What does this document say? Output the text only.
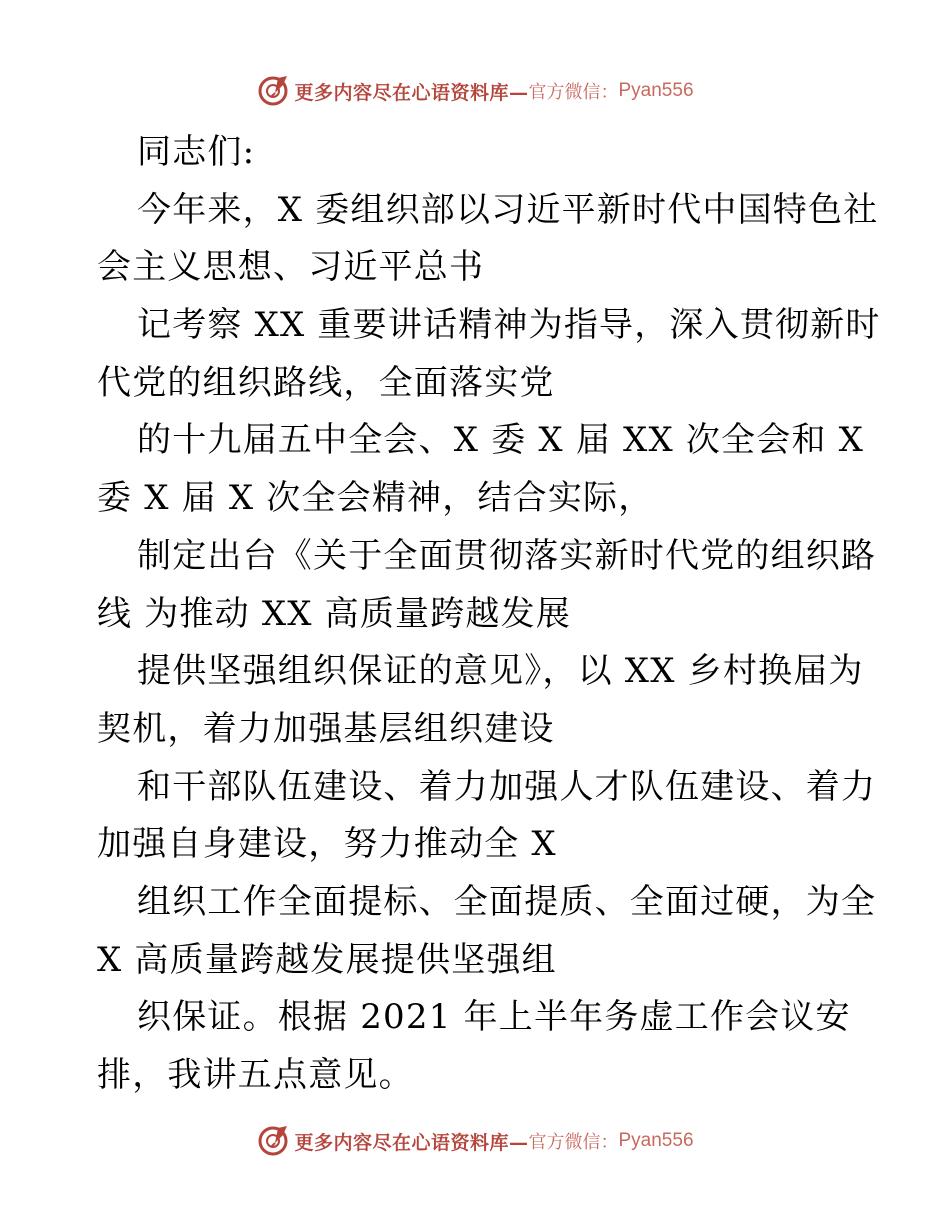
更多内容尽在心语资料库— 官方微信： Pyan556
同志们:
今年来，X 委组织部以习近平新时代中国特色社
会主义思想、习近平总书
记考察 XX 重要讲话精神为指导，深入贯彻新时
代党的组织路线，全面落实党
的十九届五中全会、X 委 X 届 XX 次全会和 X
委 X 届 X 次全会精神，结合实际，
制定出台《关于全面贯彻落实新时代党的组织路
线 为推动 XX 高质量跨越发展
提供坚强组织保证的意见》，以 XX 乡村换届为
契机，着力加强基层组织建设
和干部队伍建设、着力加强人才队伍建设、着力
加强自身建设，努力推动全 X
组织工作全面提标、全面提质、全面过硬，为全
X 高质量跨越发展提供坚强组
织保证。根据 2021 年上半年务虚工作会议安
排，我讲五点意见。
更多内容尽在心语资料库— 官方微信： Pyan556
